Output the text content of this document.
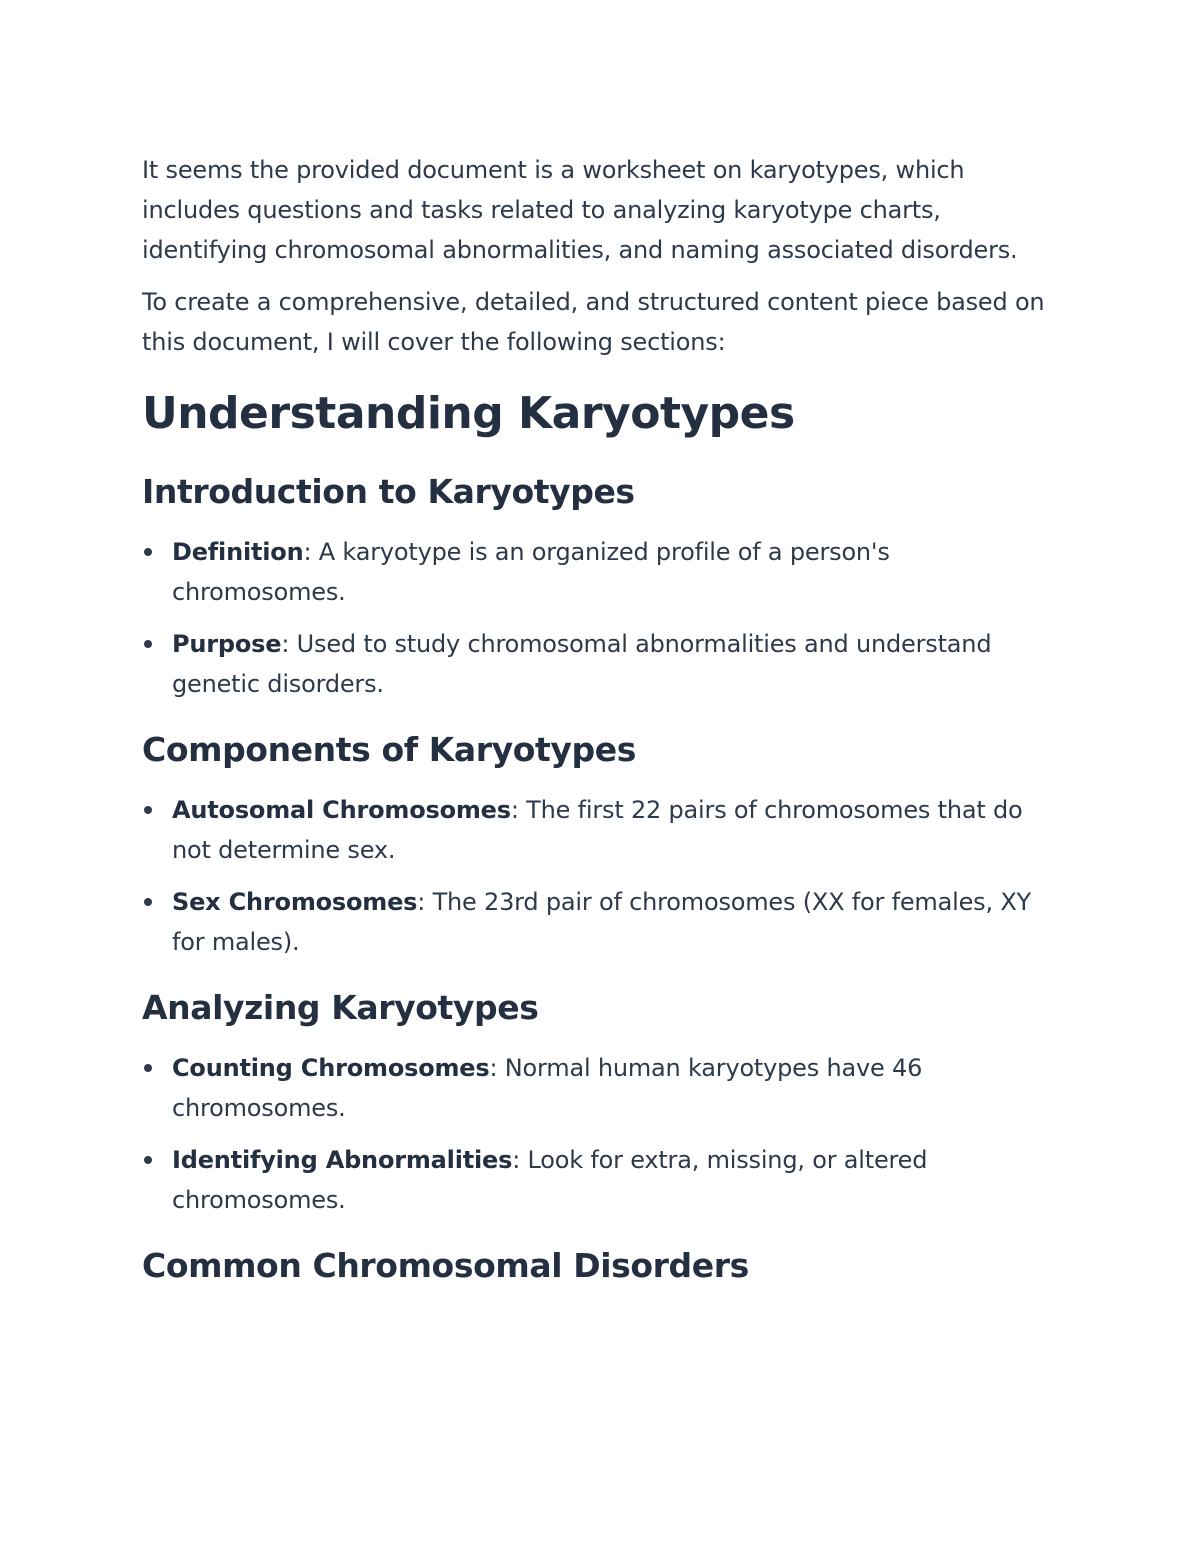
It seems the provided document is a worksheet on karyotypes, which includes questions and tasks related to analyzing karyotype charts, identifying chromosomal abnormalities, and naming associated disorders.

To create a comprehensive, detailed, and structured content piece based on this document, I will cover the following sections:

Understanding Karyotypes
Introduction to Karyotypes
Definition: A karyotype is an organized profile of a person's chromosomes.
Purpose: Used to study chromosomal abnormalities and understand genetic disorders.
Components of Karyotypes
Autosomal Chromosomes: The first 22 pairs of chromosomes that do not determine sex.
Sex Chromosomes: The 23rd pair of chromosomes (XX for females, XY for males).
Analyzing Karyotypes
Counting Chromosomes: Normal human karyotypes have 46 chromosomes.
Identifying Abnormalities: Look for extra, missing, or altered chromosomes.
Common Chromosomal Disorders
